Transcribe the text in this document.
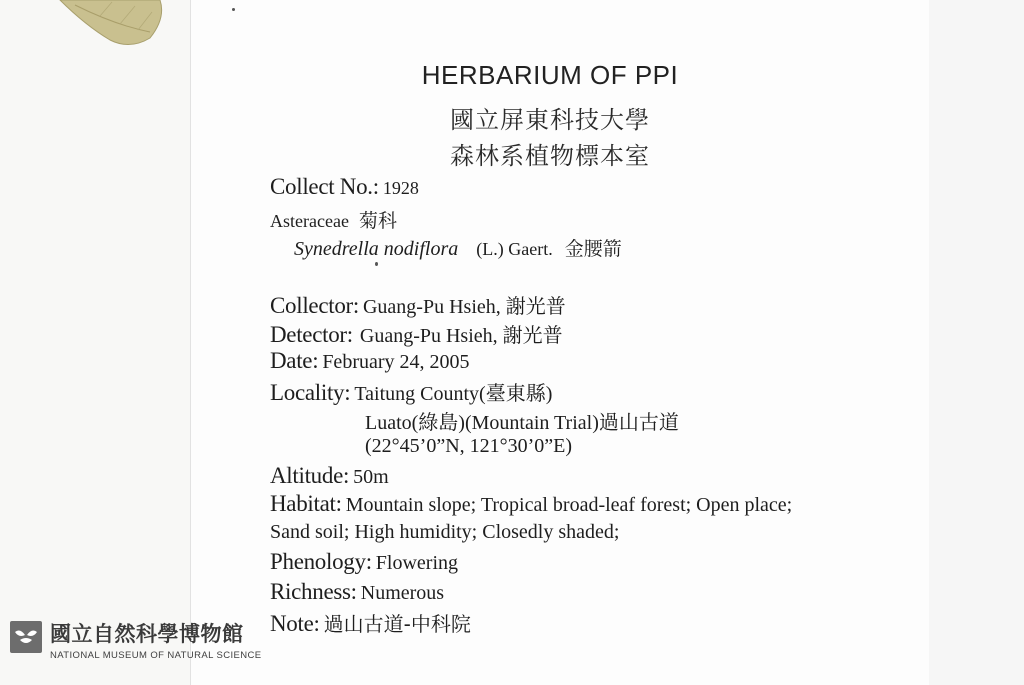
HERBARIUM OF PPI
國立屏東科技大學
森林系植物標本室
Collect No.: 1928
Asteraceae 菊科
Synedrella nodiflora (L.) Gaert. 金腰箭
Collector: Guang-Pu Hsieh, 謝光普
Detector: Guang-Pu Hsieh, 謝光普
Date: February 24, 2005
Locality: Taitung County(臺東縣)
Luato(綠島)(Mountain Trial)過山古道
(22°45’0”N, 121°30’0”E)
Altitude: 50m
Habitat: Mountain slope; Tropical broad-leaf forest; Open place;
Sand soil; High humidity; Closedly shaded;
Phenology: Flowering
Richness: Numerous
Note: 過山古道-中科院
國立自然科學博物館
NATIONAL MUSEUM OF NATURAL SCIENCE
